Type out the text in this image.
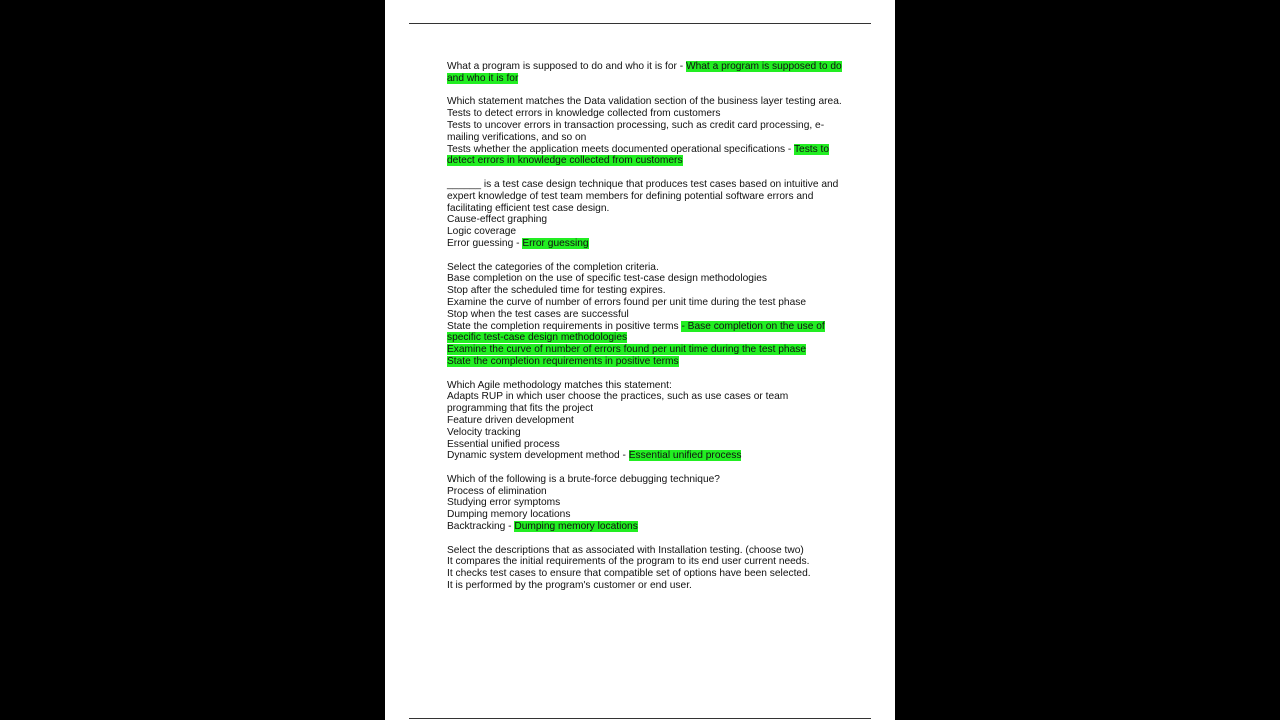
What a program is supposed to do and who it is for - What a program is supposed to do and who it is for
Which statement matches the Data validation section of the business layer testing area.
Tests to detect errors in knowledge collected from customers
Tests to uncover errors in transaction processing, such as credit card processing, e-mailing verifications, and so on
Tests whether the application meets documented operational specifications - Tests to detect errors in knowledge collected from customers
______ is a test case design technique that produces test cases based on intuitive and expert knowledge of test team members for defining potential software errors and facilitating efficient test case design.
Cause-effect graphing
Logic coverage
Error guessing - Error guessing
Select the categories of the completion criteria.
Base completion on the use of specific test-case design methodologies
Stop after the scheduled time for testing expires.
Examine the curve of number of errors found per unit time during the test phase
Stop when the test cases are successful
State the completion requirements in positive terms - Base completion on the use of specific test-case design methodologies
Examine the curve of number of errors found per unit time during the test phase
State the completion requirements in positive terms
Which Agile methodology matches this statement:
Adapts RUP in which user choose the practices, such as use cases or team programming that fits the project
Feature driven development
Velocity tracking
Essential unified process
Dynamic system development method - Essential unified process
Which of the following is a brute-force debugging technique?
Process of elimination
Studying error symptoms
Dumping memory locations
Backtracking - Dumping memory locations
Select the descriptions that as associated with Installation testing. (choose two)
It compares the initial requirements of the program to its end user current needs.
It checks test cases to ensure that compatible set of options have been selected.
It is performed by the program's customer or end user.
